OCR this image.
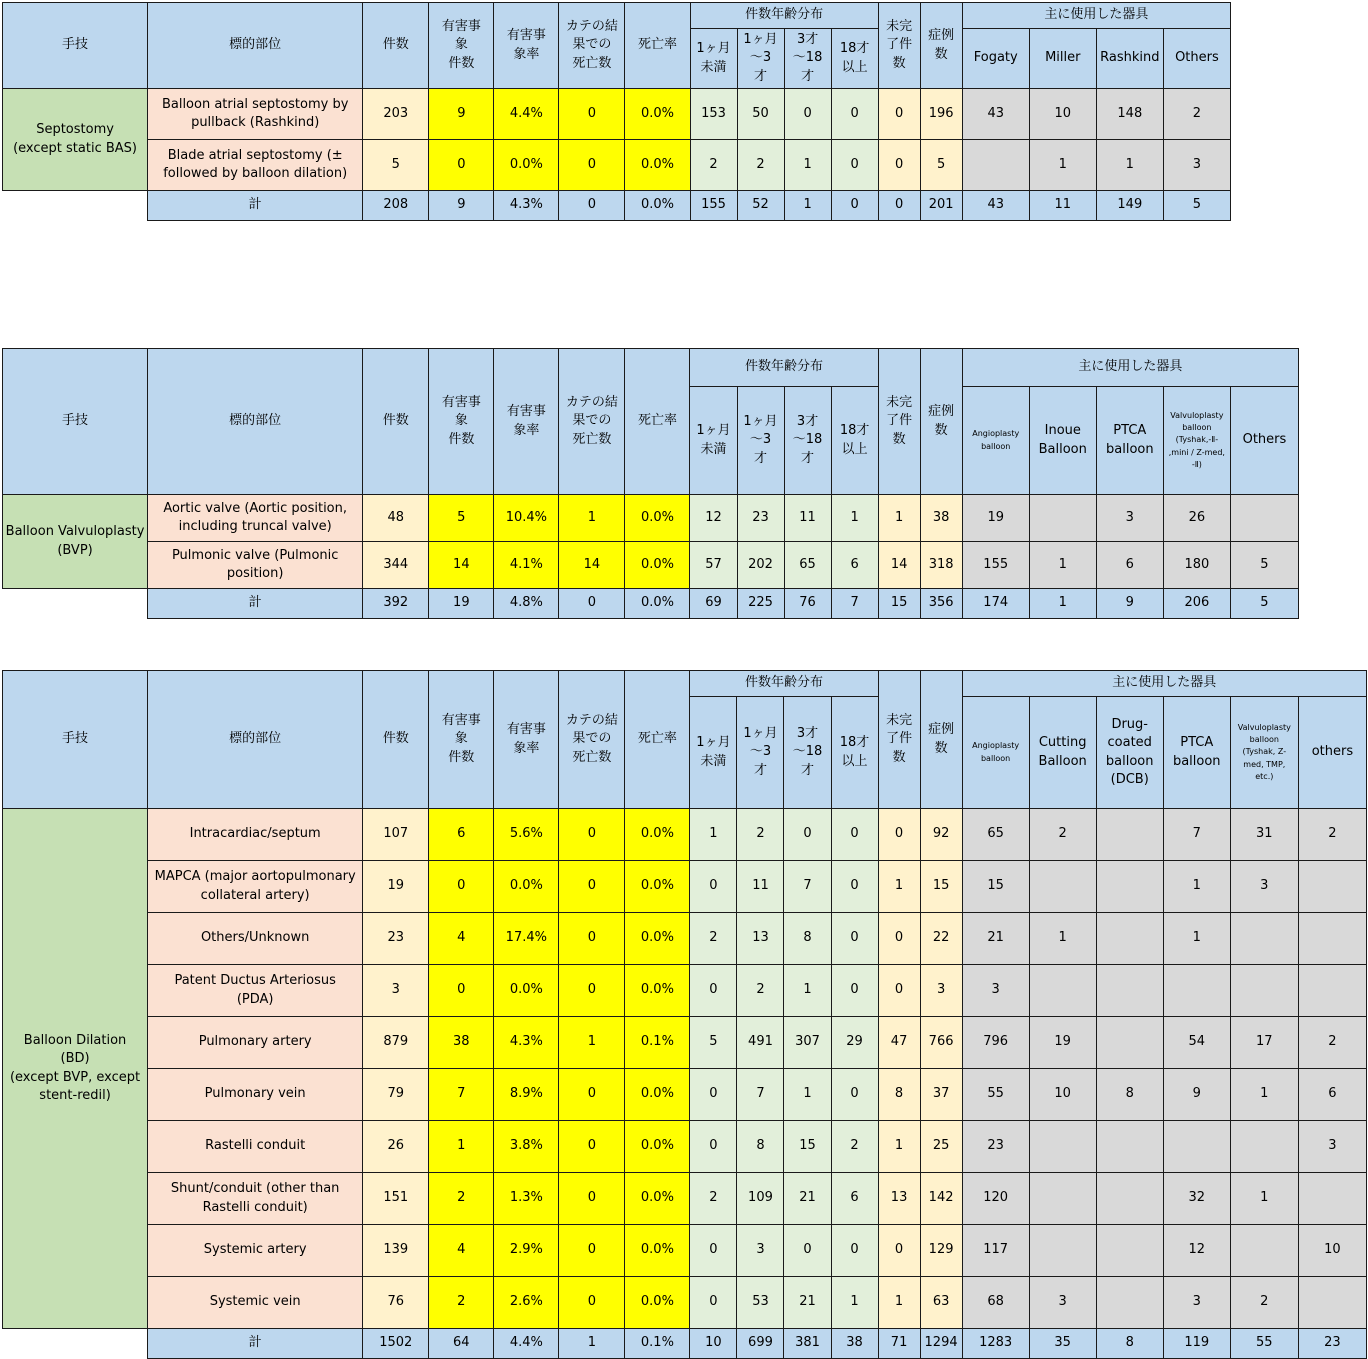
手技	標的部位	件数	有害事
象
件数	有害事
象率	カテの結
果での
死亡数	死亡率	件数年齢分布				未完
了件
数	症例
数	主に使用した器具			
							1ヶ月
未満	1ヶ月
～3
才	3才
～18
才	18才
以上			Fogaty	Miller	Rashkind	Others
Septostomy
(except static BAS)	Balloon atrial septostomy by
pullback (Rashkind)	203	9	4.4%	0	0.0%	153	50	0	0	0	196	43	10	148	2
	Blade atrial septostomy (±
followed by balloon dilation)	5	0	0.0%	0	0.0%	2	2	1	0	0	5		1	1	3
	計	208	9	4.3%	0	0.0%	155	52	1	0	0	201	43	11	149	5
手技	標的部位	件数	有害事
象
件数	有害事
象率	カテの結
果での
死亡数	死亡率	件数年齢分布				未完
了件
数	症例
数	主に使用した器具				
							1ヶ月
未満	1ヶ月
～3
才	3才
～18
才	18才
以上			Angioplasty
balloon	Inoue
Balloon	PTCA
balloon	Valvuloplasty
balloon
(Tyshak,-Ⅱ-
,mini / Z-med,
-Ⅱ)	Others
Balloon Valvuloplasty
(BVP)	Aortic valve (Aortic position,
including truncal valve)	48	5	10.4%	1	0.0%	12	23	11	1	1	38	19		3	26	
	Pulmonic valve (Pulmonic
position)	344	14	4.1%	14	0.0%	57	202	65	6	14	318	155	1	6	180	5
	計	392	19	4.8%	0	0.0%	69	225	76	7	15	356	174	1	9	206	5
手技	標的部位	件数	有害事
象
件数	有害事
象率	カテの結
果での
死亡数	死亡率	件数年齢分布				未完
了件
数	症例
数	主に使用した器具					
							1ヶ月
未満	1ヶ月
～3
才	3才
～18
才	18才
以上			Angioplasty
balloon	Cutting
Balloon	Drug-
coated
balloon
(DCB)	PTCA
balloon	Valvuloplasty
balloon
(Tyshak, Z-
med, TMP,
etc.)	others
Balloon Dilation
(BD)
(except BVP, except
stent-redil)	Intracardiac/septum	107	6	5.6%	0	0.0%	1	2	0	0	0	92	65	2		7	31	2
	MAPCA (major aortopulmonary
collateral artery)	19	0	0.0%	0	0.0%	0	11	7	0	1	15	15			1	3	
	Others/Unknown	23	4	17.4%	0	0.0%	2	13	8	0	0	22	21	1		1		
	Patent Ductus Arteriosus
(PDA)	3	0	0.0%	0	0.0%	0	2	1	0	0	3	3					
	Pulmonary artery	879	38	4.3%	1	0.1%	5	491	307	29	47	766	796	19		54	17	2
	Pulmonary vein	79	7	8.9%	0	0.0%	0	7	1	0	8	37	55	10	8	9	1	6
	Rastelli conduit	26	1	3.8%	0	0.0%	0	8	15	2	1	25	23					3
	Shunt/conduit (other than
Rastelli conduit)	151	2	1.3%	0	0.0%	2	109	21	6	13	142	120			32	1	
	Systemic artery	139	4	2.9%	0	0.0%	0	3	0	0	0	129	117			12		10
	Systemic vein	76	2	2.6%	0	0.0%	0	53	21	1	1	63	68	3		3	2	
	計	1502	64	4.4%	1	0.1%	10	699	381	38	71	1294	1283	35	8	119	55	23
